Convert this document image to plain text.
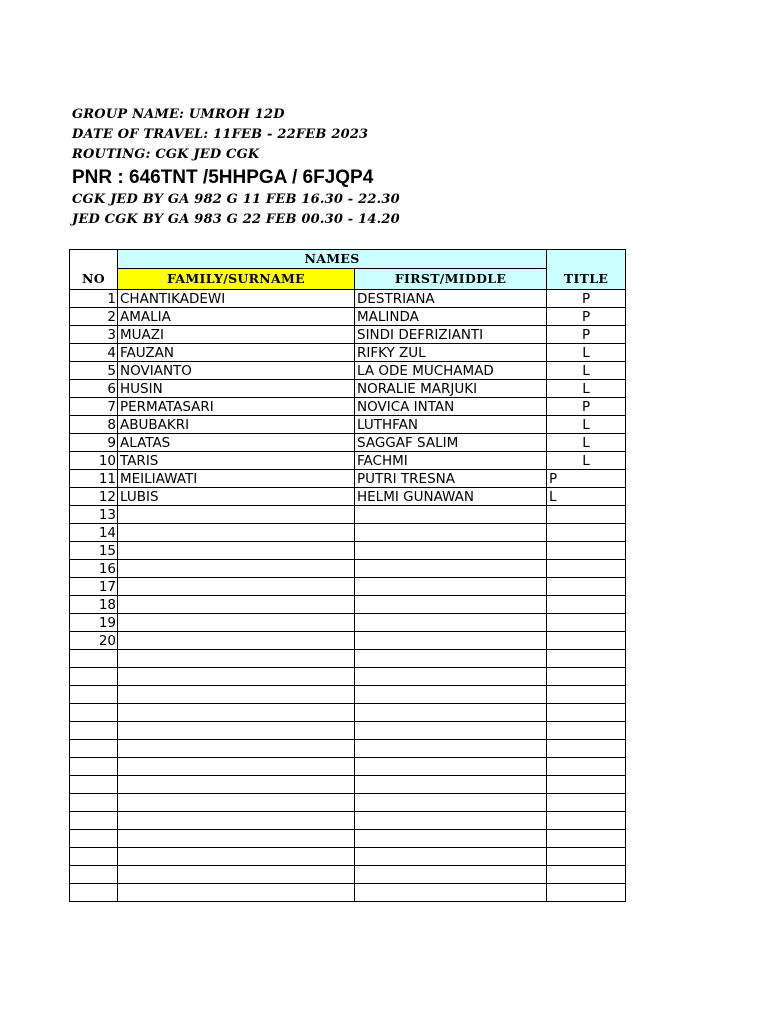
GROUP NAME: UMROH 12D
DATE OF TRAVEL: 11FEB - 22FEB 2023
ROUTING: CGK JED CGK
PNR : 646TNT /5HHPGA / 6FJQP4
CGK JED BY GA 982 G 11 FEB 16.30 - 22.30
JED CGK BY GA 983 G 22 FEB 00.30 - 14.20
NO	NAMES		TITLE
	FAMILY/SURNAME	FIRST/MIDDLE	
1	CHANTIKADEWI	DESTRIANA	P
2	AMALIA	MALINDA	P
3	MUAZI	SINDI DEFRIZIANTI	P
4	FAUZAN	RIFKY ZUL	L
5	NOVIANTO	LA ODE MUCHAMAD	L
6	HUSIN	NORALIE MARJUKI	L
7	PERMATASARI	NOVICA INTAN	P
8	ABUBAKRI	LUTHFAN	L
9	ALATAS	SAGGAF SALIM	L
10	TARIS	FACHMI	L
11	MEILIAWATI	PUTRI TRESNA	P
12	LUBIS	HELMI GUNAWAN	L
13			
14			
15			
16			
17			
18			
19			
20			
